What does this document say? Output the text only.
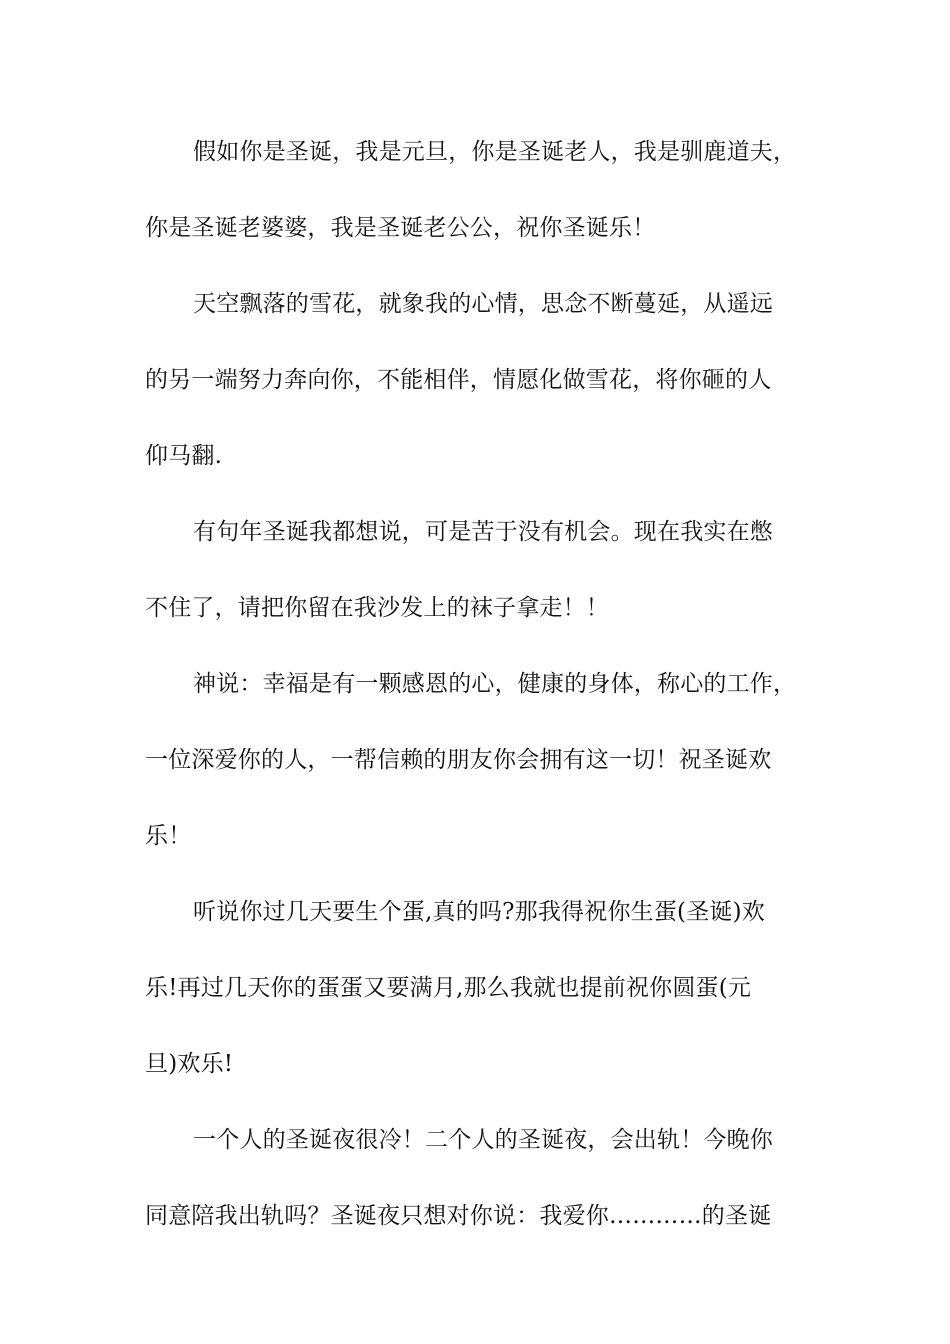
假如你是圣诞，我是元旦，你是圣诞老人，我是驯鹿道夫，
你是圣诞老婆婆，我是圣诞老公公，祝你圣诞乐！
天空飘落的雪花，就象我的心情，思念不断蔓延，从遥远
的另一端努力奔向你，不能相伴，情愿化做雪花，将你砸的人
仰马翻.
有句年圣诞我都想说，可是苦于没有机会。现在我实在憋
不住了，请把你留在我沙发上的袜子拿走！！
神说：幸福是有一颗感恩的心，健康的身体，称心的工作，
一位深爱你的人，一帮信赖的朋友你会拥有这一切！祝圣诞欢
乐！
听说你过几天要生个蛋,真的吗?那我得祝你生蛋(圣诞)欢
乐!再过几天你的蛋蛋又要满月,那么我就也提前祝你圆蛋(元
旦)欢乐!
一个人的圣诞夜很冷！二个人的圣诞夜，会出轨！今晚你
同意陪我出轨吗？圣诞夜只想对你说：我爱你…………的圣诞
